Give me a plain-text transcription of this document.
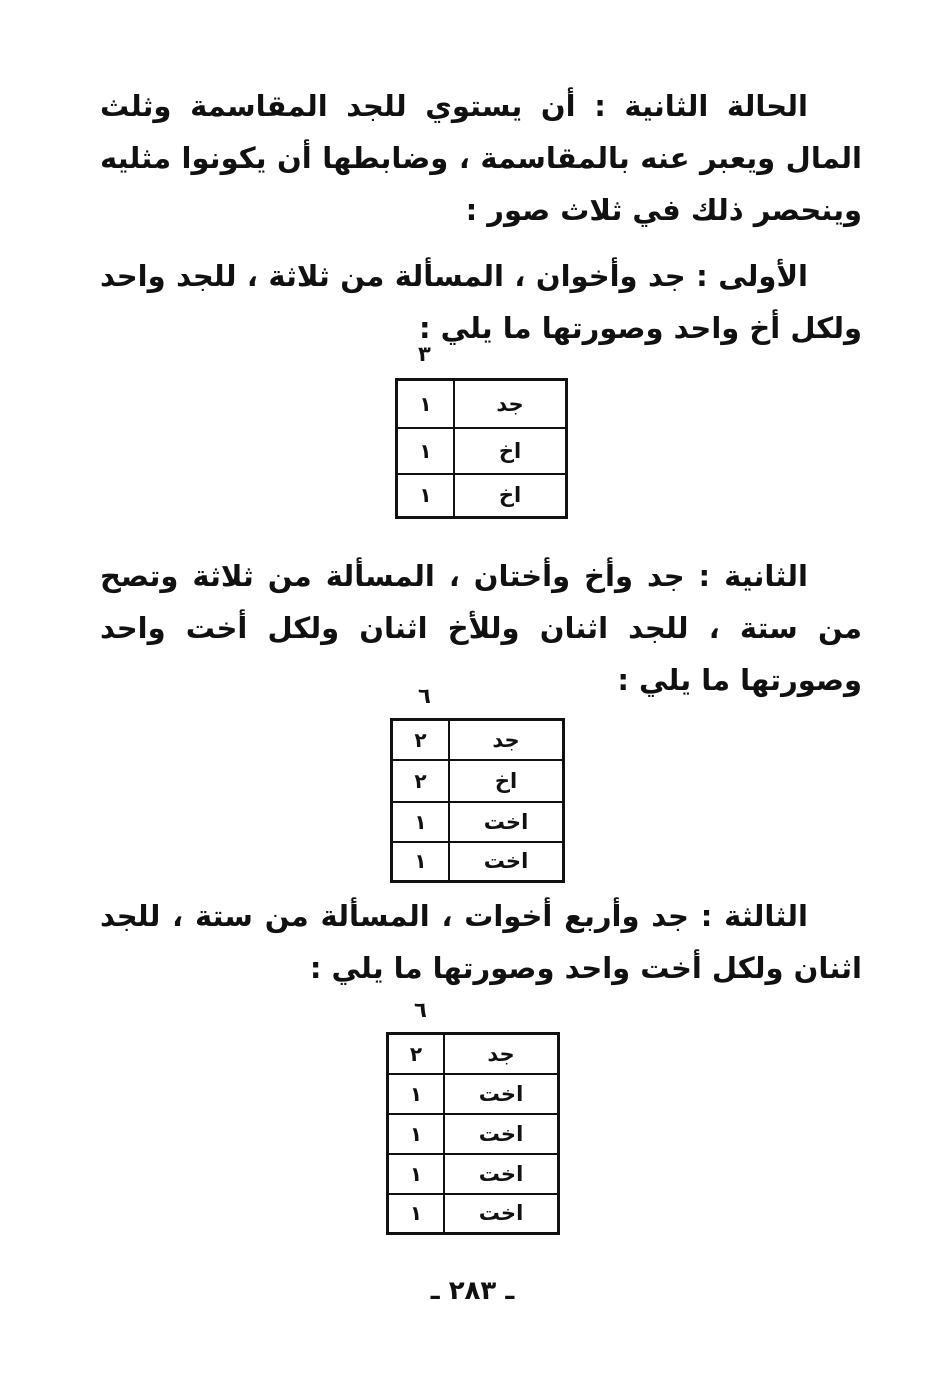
الحالة الثانية : أن يستوي للجد المقاسمة وثلث المال ويعبر عنه بالمقاسمة ، وضابطها أن يكونوا مثليه وينحصر ذلك في ثلاث صور :

الأولى : جد وأخوان ، المسألة من ثلاثة ، للجد واحد ولكل أخ واحد وصورتها ما يلي :

٣
جد	١
اخ	١
اخ	١

الثانية : جد وأخ وأختان ، المسألة من ثلاثة وتصح من ستة ، للجد اثنان وللأخ اثنان ولكل أخت واحد وصورتها ما يلي :

٦
جد	٢
اخ	٢
اخت	١
اخت	١

الثالثة : جد وأربع أخوات ، المسألة من ستة ، للجد اثنان ولكل أخت واحد وصورتها ما يلي :

٦
جد	٢
اخت	١
اخت	١
اخت	١
اخت	١
ـ ٢٨٣ ـ
